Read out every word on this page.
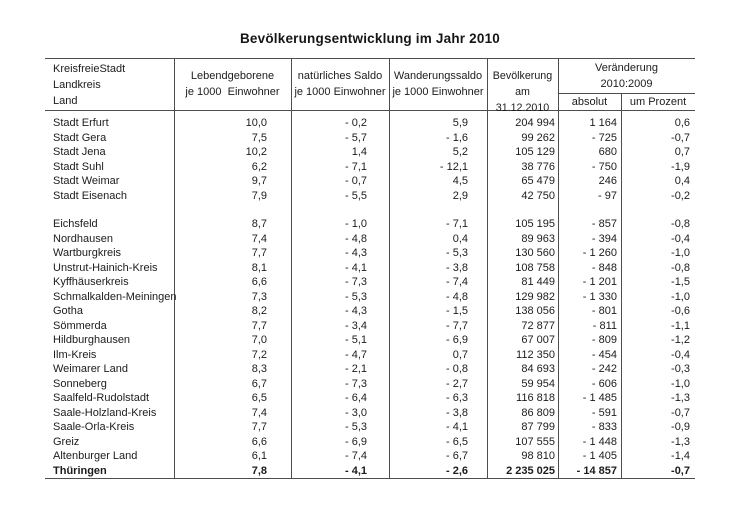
Bevölkerungsentwicklung im Jahr 2010
KreisfreieStadt
Landkreis
Land
Lebendgeborene
je 1000  Einwohner
natürliches Saldo
je 1000 Einwohner
Wanderungssaldo
je 1000 Einwohner
Bevölkerung
am 31.12.2010
Veränderung
2010:2009
absolut	um Prozent
Stadt Erfurt	10,0	- 0,2	5,9	204 994	1 164	0,6
Stadt Gera	7,5	- 5,7	- 1,6	99 262	- 725	-0,7
Stadt Jena	10,2	1,4	5,2	105 129	680	0,7
Stadt Suhl	6,2	- 7,1	- 12,1	38 776	- 750	-1,9
Stadt Weimar	9,7	- 0,7	4,5	65 479	246	0,4
Stadt Eisenach	7,9	- 5,5	2,9	42 750	- 97	-0,2
Eichsfeld	8,7	- 1,0	- 7,1	105 195	- 857	-0,8
Nordhausen	7,4	- 4,8	0,4	89 963	- 394	-0,4
Wartburgkreis	7,7	- 4,3	- 5,3	130 560	- 1 260	-1,0
Unstrut-Hainich-Kreis	8,1	- 4,1	- 3,8	108 758	- 848	-0,8
Kyffhäuserkreis	6,6	- 7,3	- 7,4	81 449	- 1 201	-1,5
Schmalkalden-Meiningen	7,3	- 5,3	- 4,8	129 982	- 1 330	-1,0
Gotha	8,2	- 4,3	- 1,5	138 056	- 801	-0,6
Sömmerda	7,7	- 3,4	- 7,7	72 877	- 811	-1,1
Hildburghausen	7,0	- 5,1	- 6,9	67 007	- 809	-1,2
Ilm-Kreis	7,2	- 4,7	0,7	112 350	- 454	-0,4
Weimarer Land	8,3	- 2,1	- 0,8	84 693	- 242	-0,3
Sonneberg	6,7	- 7,3	- 2,7	59 954	- 606	-1,0
Saalfeld-Rudolstadt	6,5	- 6,4	- 6,3	116 818	- 1 485	-1,3
Saale-Holzland-Kreis	7,4	- 3,0	- 3,8	86 809	- 591	-0,7
Saale-Orla-Kreis	7,7	- 5,3	- 4,1	87 799	- 833	-0,9
Greiz	6,6	- 6,9	- 6,5	107 555	- 1 448	-1,3
Altenburger Land	6,1	- 7,4	- 6,7	98 810	- 1 405	-1,4
Thüringen	7,8	- 4,1	- 2,6	2 235 025	- 14 857	-0,7
